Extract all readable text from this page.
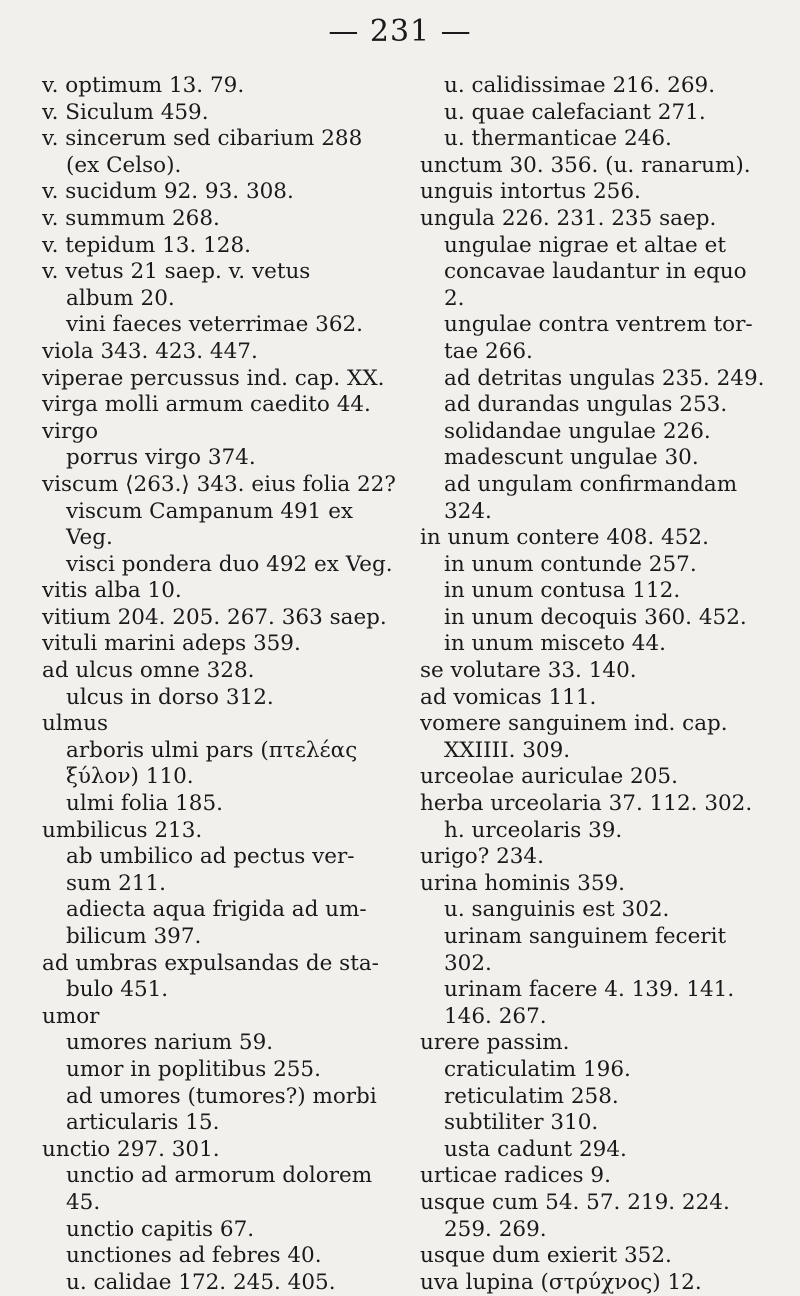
— 231 —
v. optimum 13. 79.
v. Siculum 459.
v. sincerum sed cibarium 288
(ex Celso).
v. sucidum 92. 93. 308.
v. summum 268.
v. tepidum 13. 128.
v. vetus 21 saep. v. vetus
album 20.
vini faeces veterrimae 362.
viola 343. 423. 447.
viperae percussus ind. cap. XX.
virga molli armum caedito 44.
virgo
porrus virgo 374.
viscum ⟨263.⟩ 343. eius folia 22?
viscum Campanum 491 ex
Veg.
visci pondera duo 492 ex Veg.
vitis alba 10.
vitium 204. 205. 267. 363 saep.
vituli marini adeps 359.
ad ulcus omne 328.
ulcus in dorso 312.
ulmus
arboris ulmi pars (πτελέας
ξύλον) 110.
ulmi folia 185.
umbilicus 213.
ab umbilico ad pectus ver-
sum 211.
adiecta aqua frigida ad um-
bilicum 397.
ad umbras expulsandas de sta-
bulo 451.
umor
umores narium 59.
umor in poplitibus 255.
ad umores (tumores?) morbi
articularis 15.
unctio 297. 301.
unctio ad armorum dolorem
45.
unctio capitis 67.
unctiones ad febres 40.
u. calidae 172. 245. 405.
u. calidissimae 216. 269.
u. quae calefaciant 271.
u. thermanticae 246.
unctum 30. 356. (u. ranarum).
unguis intortus 256.
ungula 226. 231. 235 saep.
ungulae nigrae et altae et
concavae laudantur in equo
2.
ungulae contra ventrem tor-
tae 266.
ad detritas ungulas 235. 249.
ad durandas ungulas 253.
solidandae ungulae 226.
madescunt ungulae 30.
ad ungulam confirmandam
324.
in unum contere 408. 452.
in unum contunde 257.
in unum contusa 112.
in unum decoquis 360. 452.
in unum misceto 44.
se volutare 33. 140.
ad vomicas 111.
vomere sanguinem ind. cap.
XXIIII. 309.
urceolae auriculae 205.
herba urceolaria 37. 112. 302.
h. urceolaris 39.
urigo? 234.
urina hominis 359.
u. sanguinis est 302.
urinam sanguinem fecerit
302.
urinam facere 4. 139. 141.
146. 267.
urere passim.
craticulatim 196.
reticulatim 258.
subtiliter 310.
usta cadunt 294.
urticae radices 9.
usque cum 54. 57. 219. 224.
259. 269.
usque dum exierit 352.
uva lupina (στρύχνος) 12.
